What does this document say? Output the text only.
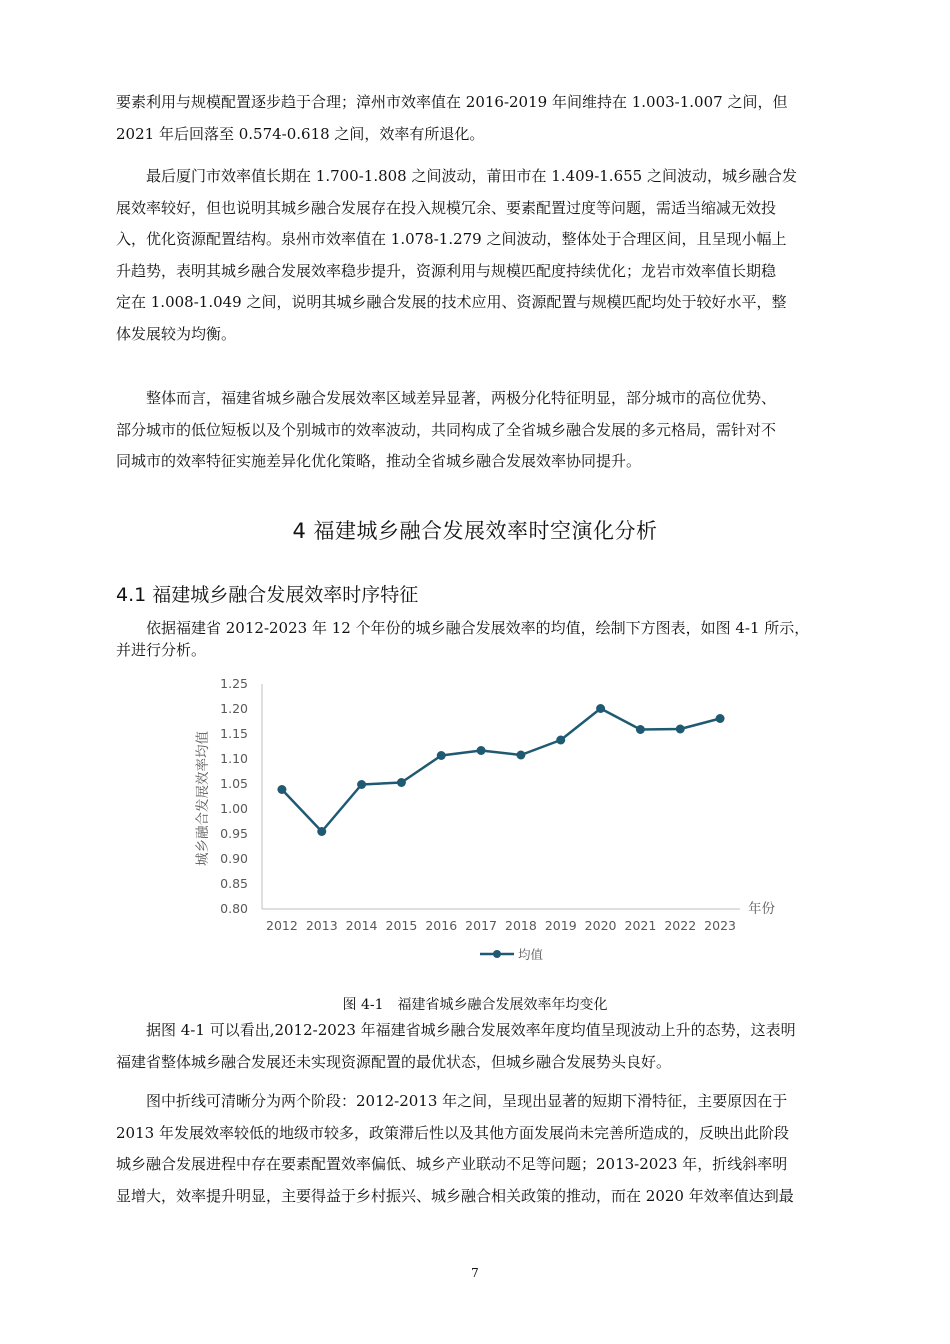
要素利用与规模配置逐步趋于合理；漳州市效率值在 2016-2019 年间维持在 1.003-1.007 之间，但
2021 年后回落至 0.574-0.618 之间，效率有所退化。

最后厦门市效率值长期在 1.700-1.808 之间波动，莆田市在 1.409-1.655 之间波动，城乡融合发
展效率较好，但也说明其城乡融合发展存在投入规模冗余、要素配置过度等问题，需适当缩减无效投
入，优化资源配置结构。泉州市效率值在 1.078-1.279 之间波动，整体处于合理区间，且呈现小幅上
升趋势，表明其城乡融合发展效率稳步提升，资源利用与规模匹配度持续优化；龙岩市效率值长期稳
定在 1.008-1.049 之间，说明其城乡融合发展的技术应用、资源配置与规模匹配均处于较好水平，整
体发展较为均衡。

整体而言，福建省城乡融合发展效率区域差异显著，两极分化特征明显，部分城市的高位优势、
部分城市的低位短板以及个别城市的效率波动，共同构成了全省城乡融合发展的多元格局，需针对不
同城市的效率特征实施差异化优化策略，推动全省城乡融合发展效率协同提升。

4 福建城乡融合发展效率时空演化分析
4.1 福建城乡融合发展效率时序特征

依据福建省 2012-2023 年 12 个年份的城乡融合发展效率的均值，绘制下方图表，如图 4-1 所示，
并进行分析。

0.80
0.85
0.90
0.95
1.00
1.05
1.10
1.15
1.20
1.25
2012 2013 2014 2015 2016 2017 2018 2019 2020 2021 2022 2023
城乡融合发展效率均值
年份
均值

图 4-1　福建省城乡融合发展效率年均变化

据图 4-1 可以看出,2012-2023 年福建省城乡融合发展效率年度均值呈现波动上升的态势，这表明
福建省整体城乡融合发展还未实现资源配置的最优状态，但城乡融合发展势头良好。

图中折线可清晰分为两个阶段：2012-2013 年之间，呈现出显著的短期下滑特征，主要原因在于
2013 年发展效率较低的地级市较多，政策滞后性以及其他方面发展尚未完善所造成的，反映出此阶段
城乡融合发展进程中存在要素配置效率偏低、城乡产业联动不足等问题；2013-2023 年，折线斜率明
显增大，效率提升明显，主要得益于乡村振兴、城乡融合相关政策的推动，而在 2020 年效率值达到最

7
